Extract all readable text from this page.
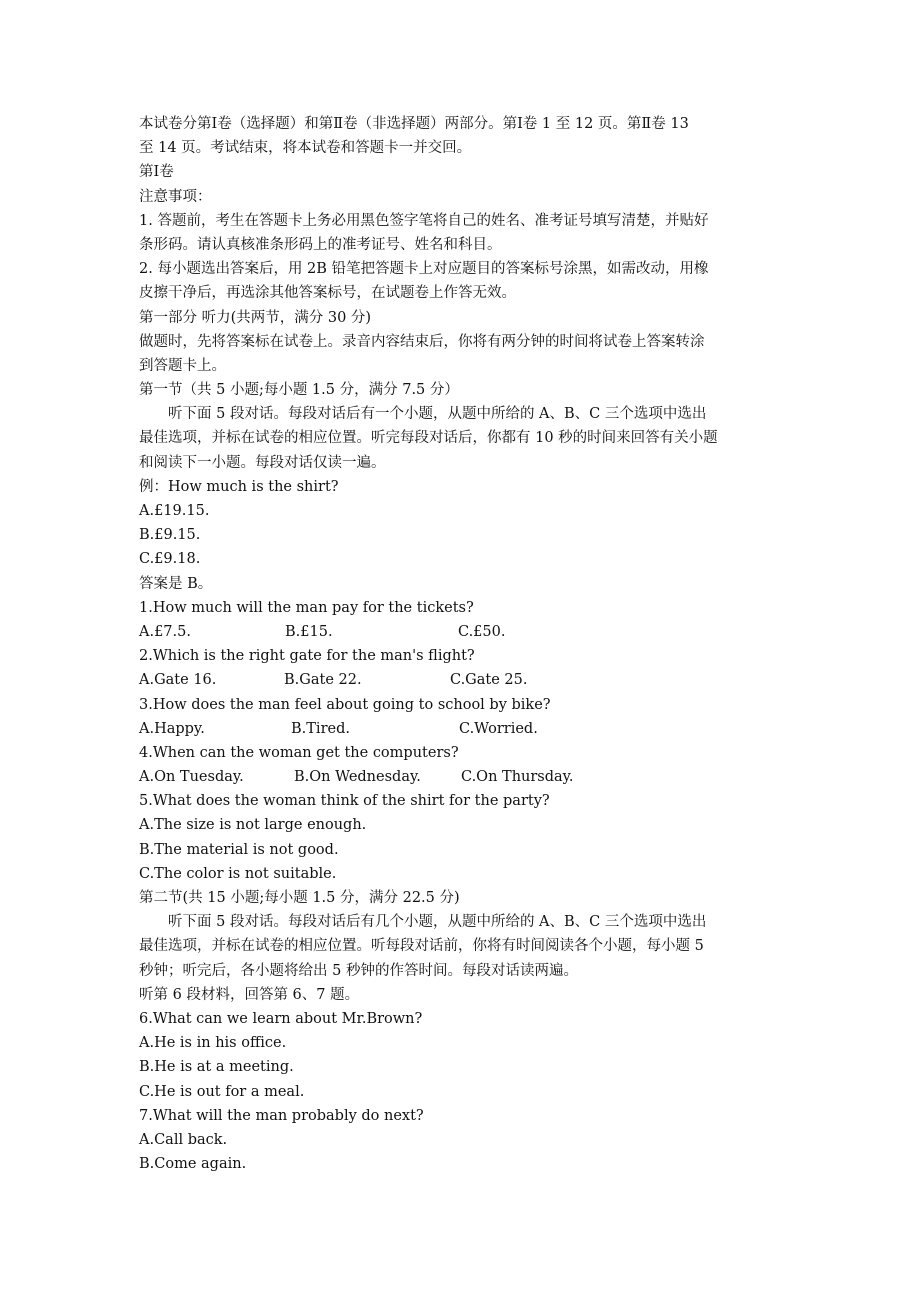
本试卷分第Ⅰ卷（选择题）和第Ⅱ卷（非选择题）两部分。第Ⅰ卷 1 至 12 页。第Ⅱ卷 13
至 14 页。考试结束，将本试卷和答题卡一并交回。
第Ⅰ卷
注意事项：
1. 答题前，考生在答题卡上务必用黑色签字笔将自己的姓名、准考证号填写清楚，并贴好
条形码。请认真核准条形码上的准考证号、姓名和科目。
2. 每小题选出答案后，用 2B 铅笔把答题卡上对应题目的答案标号涂黑，如需改动，用橡
皮擦干净后，再选涂其他答案标号，在试题卷上作答无效。
第一部分 听力(共两节，满分 30 分)
做题时，先将答案标在试卷上。录音内容结束后，你将有两分钟的时间将试卷上答案转涂
到答题卡上。
第一节（共 5 小题;每小题 1.5 分，满分 7.5 分）
听下面 5 段对话。每段对话后有一个小题，从题中所给的 A、B、C 三个选项中选出
最佳选项，并标在试卷的相应位置。听完每段对话后，你都有 10 秒的时间来回答有关小题
和阅读下一小题。每段对话仅读一遍。
例：How much is the shirt?
A.£19.15.
B.£9.15.
C.£9.18.
答案是 B。
1.How much will the man pay for the tickets?
A.£7.5.	B.£15.	C.£50.
2.Which is the right gate for the man's flight?
A.Gate 16.	B.Gate 22.	C.Gate 25.
3.How does the man feel about going to school by bike?
A.Happy.	B.Tired.	C.Worried.
4.When can the woman get the computers?
A.On Tuesday.	B.On Wednesday.	C.On Thursday.
5.What does the woman think of the shirt for the party?
A.The size is not large enough.
B.The material is not good.
C.The color is not suitable.
第二节(共 15 小题;每小题 1.5 分，满分 22.5 分)
听下面 5 段对话。每段对话后有几个小题，从题中所给的 A、B、C 三个选项中选出
最佳选项，并标在试卷的相应位置。听每段对话前，你将有时间阅读各个小题，每小题 5
秒钟；听完后，各小题将给出 5 秒钟的作答时间。每段对话读两遍。
听第 6 段材料，回答第 6、7 题。
6.What can we learn about Mr.Brown?
A.He is in his office.
B.He is at a meeting.
C.He is out for a meal.
7.What will the man probably do next?
A.Call back.
B.Come again.
